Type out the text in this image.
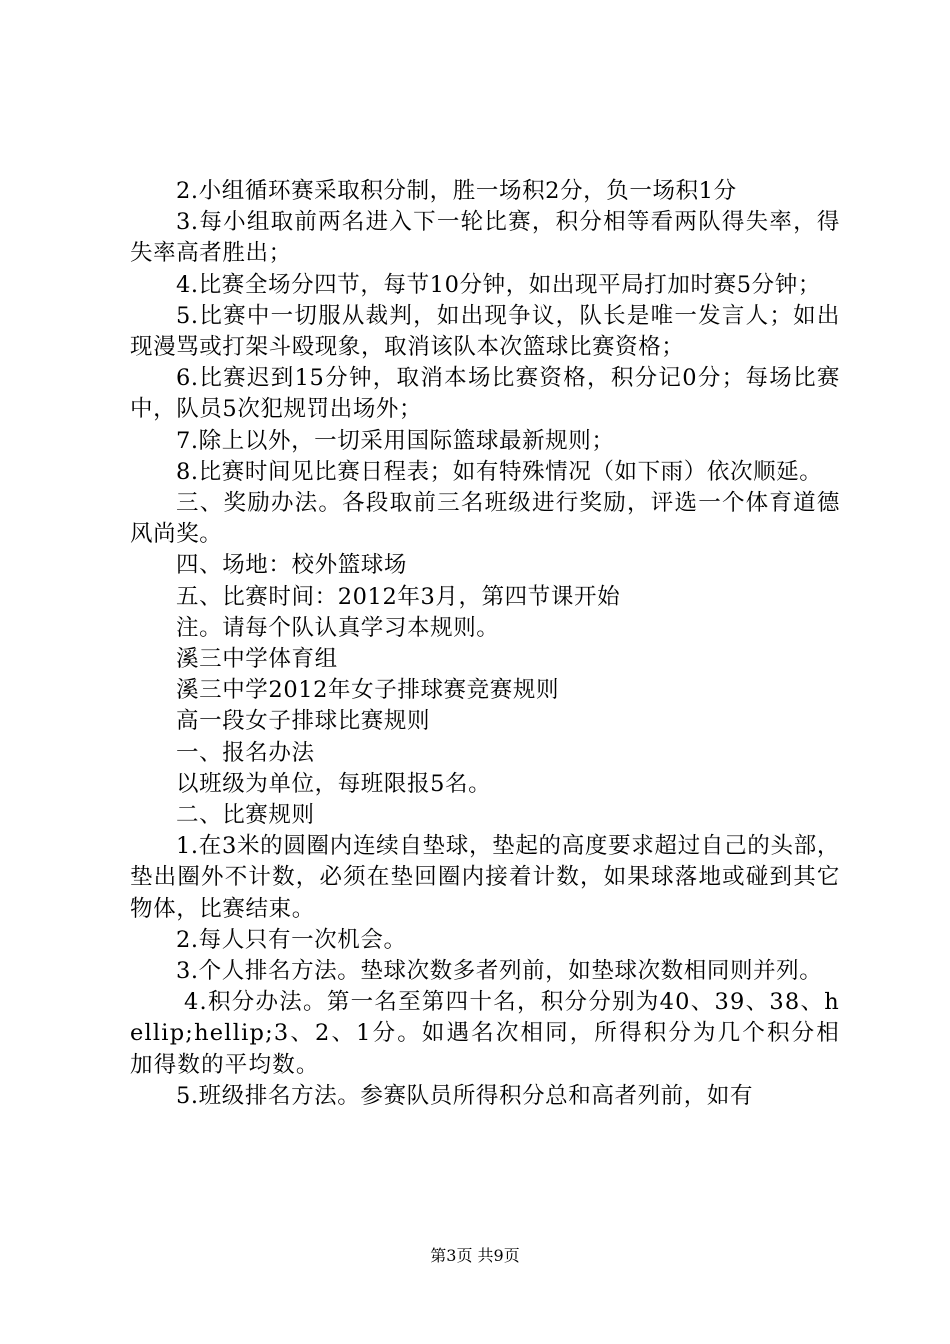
2.小组循环赛采取积分制，胜一场积2分，负一场积1分

3.每小组取前两名进入下一轮比赛，积分相等看两队得失率，得失率高者胜出；

4.比赛全场分四节，每节10分钟，如出现平局打加时赛5分钟；

5.比赛中一切服从裁判，如出现争议，队长是唯一发言人；如出现漫骂或打架斗殴现象，取消该队本次篮球比赛资格；

6.比赛迟到15分钟，取消本场比赛资格，积分记0分；每场比赛中，队员5次犯规罚出场外；

7.除上以外，一切采用国际篮球最新规则；

8.比赛时间见比赛日程表；如有特殊情况（如下雨）依次顺延。

三、奖励办法。各段取前三名班级进行奖励，评选一个体育道德风尚奖。

四、场地：校外篮球场

五、比赛时间：2012年3月，第四节课开始

注。请每个队认真学习本规则。

溪三中学体育组

溪三中学2012年女子排球赛竞赛规则

高一段女子排球比赛规则

一、报名办法

以班级为单位，每班限报5名。

二、比赛规则

1.在3米的圆圈内连续自垫球，垫起的高度要求超过自己的头部，垫出圈外不计数，必须在垫回圈内接着计数，如果球落地或碰到其它物体，比赛结束。

2.每人只有一次机会。

3.个人排名方法。垫球次数多者列前，如垫球次数相同则并列。

4.积分办法。第一名至第四十名，积分分别为40、39、38、hellip;hellip;3、2、1分。如遇名次相同，所得积分为几个积分相加得数的平均数。

5.班级排名方法。参赛队员所得积分总和高者列前，如有

第3页 共9页
